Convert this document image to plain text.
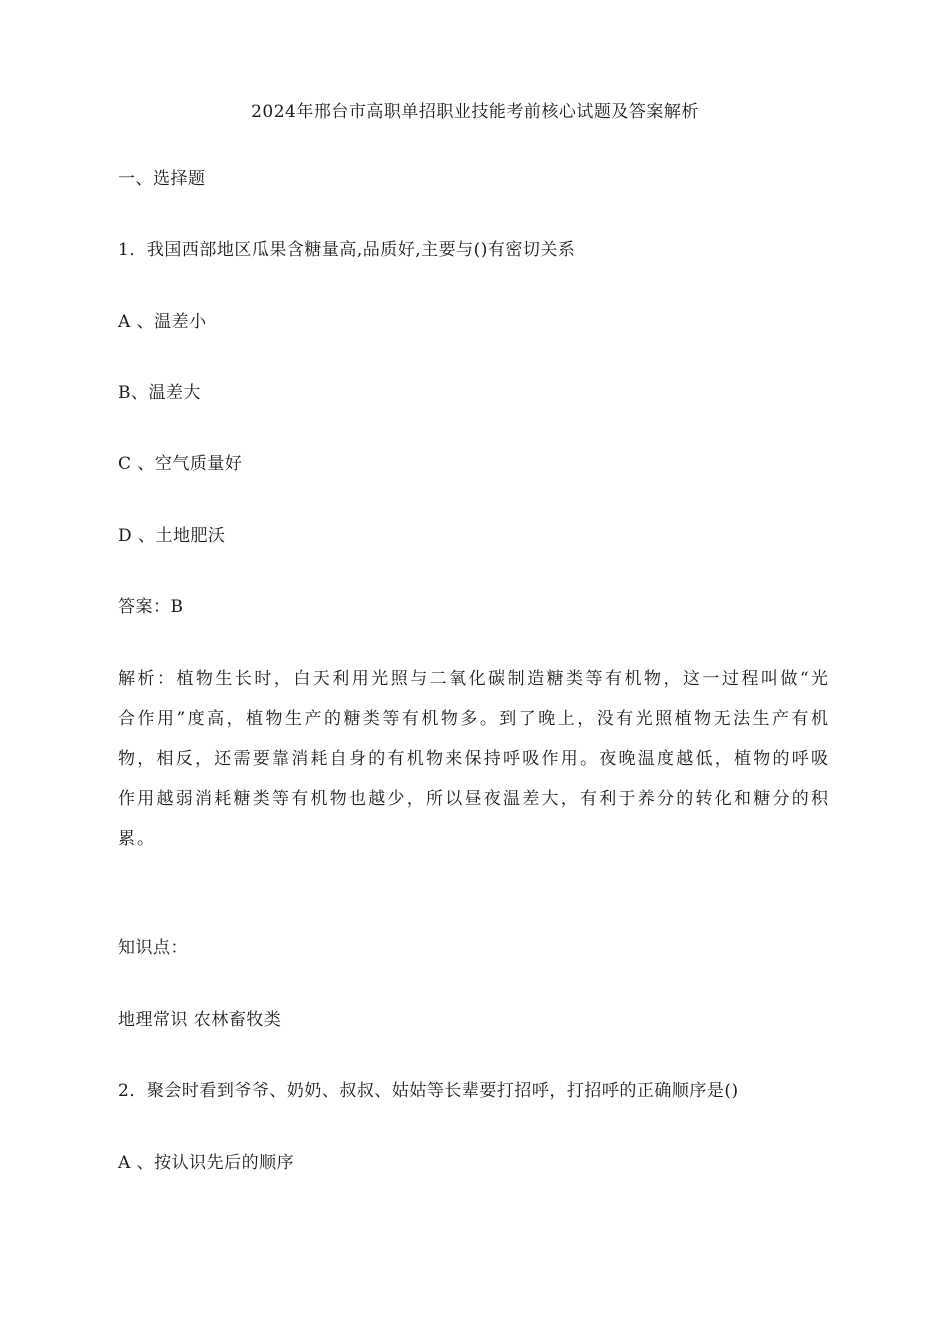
2024年邢台市高职单招职业技能考前核心试题及答案解析
一、选择题
1．我国西部地区瓜果含糖量高,品质好,主要与()有密切关系
A 、温差小
B、温差大
C 、空气质量好
D 、土地肥沃
答案：B
解析：植物生长时，白天利用光照与二氧化碳制造糖类等有机物，这一过程叫做“光合作用”度高，植物生产的糖类等有机物多。到了晚上，没有光照植物无法生产有机物，相反，还需要靠消耗自身的有机物来保持呼吸作用。夜晚温度越低，植物的呼吸作用越弱消耗糖类等有机物也越少，所以昼夜温差大，有利于养分的转化和糖分的积累。
知识点：
地理常识 农林畜牧类
2．聚会时看到爷爷、奶奶、叔叔、姑姑等长辈要打招呼，打招呼的正确顺序是()
A 、按认识先后的顺序
